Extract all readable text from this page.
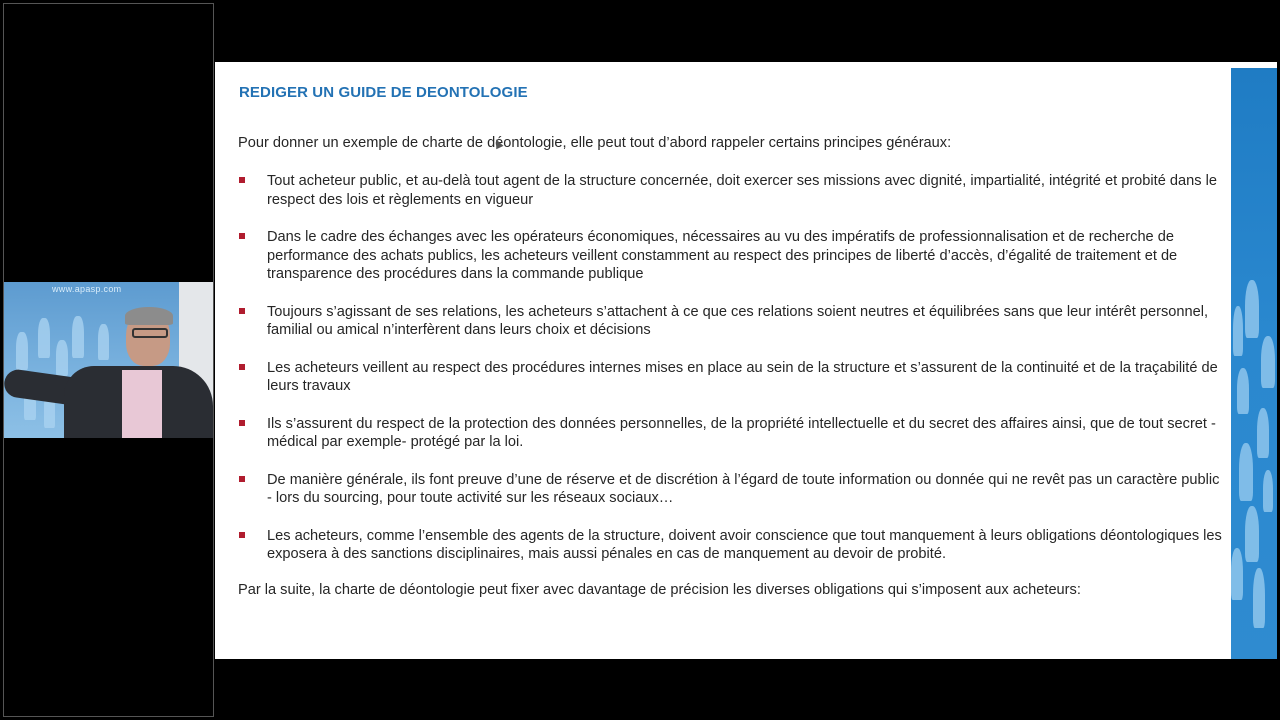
www.apasp.com
REDIGER UN GUIDE DE DEONTOLOGIE
Pour donner un exemple de charte de déontologie, elle peut tout d’abord rappeler certains principes généraux:
Tout acheteur public, et au-delà tout agent de la structure concernée, doit exercer ses missions avec dignité, impartialité, intégrité et probité dans le respect des lois et règlements en vigueur
Dans le cadre des échanges avec les opérateurs économiques, nécessaires au vu des impératifs de professionnalisation et de recherche de performance des achats publics, les acheteurs veillent constamment au respect des principes de liberté d’accès, d’égalité de traitement et de transparence des procédures dans la commande publique
Toujours s’agissant de ses relations, les acheteurs s’attachent à ce que ces relations soient neutres et équilibrées sans que leur intérêt personnel, familial ou amical n’interfèrent dans leurs choix et décisions
Les acheteurs veillent au respect des procédures internes mises en place au sein de la structure et s’assurent de la continuité et de la traçabilité de leurs travaux
Ils s’assurent du respect de la protection des données personnelles, de la propriété intellectuelle et du secret des affaires ainsi, que de tout secret - médical par exemple- protégé par la loi.
De manière générale, ils font preuve d’une de réserve et de discrétion à l’égard de toute information ou donnée qui ne revêt pas un caractère public - lors du sourcing, pour toute activité sur les réseaux sociaux…
Les acheteurs, comme l’ensemble des agents de la structure, doivent avoir conscience que tout manquement à leurs obligations déontologiques les exposera à des sanctions disciplinaires, mais aussi pénales en cas de manquement au devoir de probité.
Par la suite, la charte de déontologie peut fixer avec davantage de précision les diverses obligations qui s’imposent aux acheteurs:
